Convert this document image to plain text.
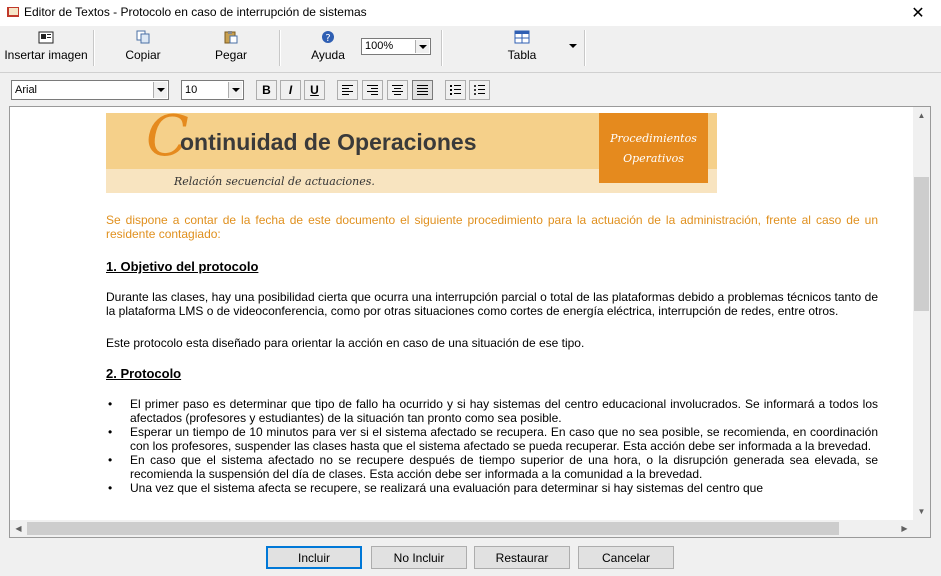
Editor de Textos - Protocolo en caso de interrupción de sistemas	✕
Insertar imagen	Copiar	Pegar
?
Ayuda	Tabla
100%
Arial	10	B	I	U
C
ontinuidad de Operaciones
Relación secuencial de actuaciones.
Procedimientos
Operativos

Se dispone a contar de la fecha de este documento el siguiente procedimiento para la actuación de la administración, frente al caso de un residente contagiado:

1. Objetivo del protocolo

Durante las clases, hay una posibilidad cierta que ocurra una interrupción parcial o total de las plataformas debido a problemas técnicos tanto de la plataforma LMS o de videoconferencia, como por otras situaciones como cortes de energía eléctrica, interrupción de redes, entre otros.

Este protocolo esta diseñado para orientar la acción en caso de una situación de ese tipo.

2. Protocolo

• El primer paso es determinar que tipo de fallo ha ocurrido y si hay sistemas del centro educacional involucrados. Se informará a todos los afectados (profesores y estudiantes) de la situación tan pronto como sea posible.
• Esperar un tiempo de 10 minutos para ver si el sistema afectado se recupera. En caso que no sea posible, se recomienda, en coordinación con los profesores, suspender las clases hasta que el sistema afectado se pueda recuperar. Esta acción debe ser informada a la brevedad.
• En caso que el sistema afectado no se recupere después de tiempo superior de una hora, o la disrupción generada sea elevada, se recomienda la suspensión del día de clases. Esta acción debe ser informada a la comunidad a la brevedad.
• Una vez que el sistema afecta se recupere, se realizará una evaluación para determinar si hay sistemas del centro que
▲
▼
◀	▶
Incluir	No Incluir	Restaurar	Cancelar
